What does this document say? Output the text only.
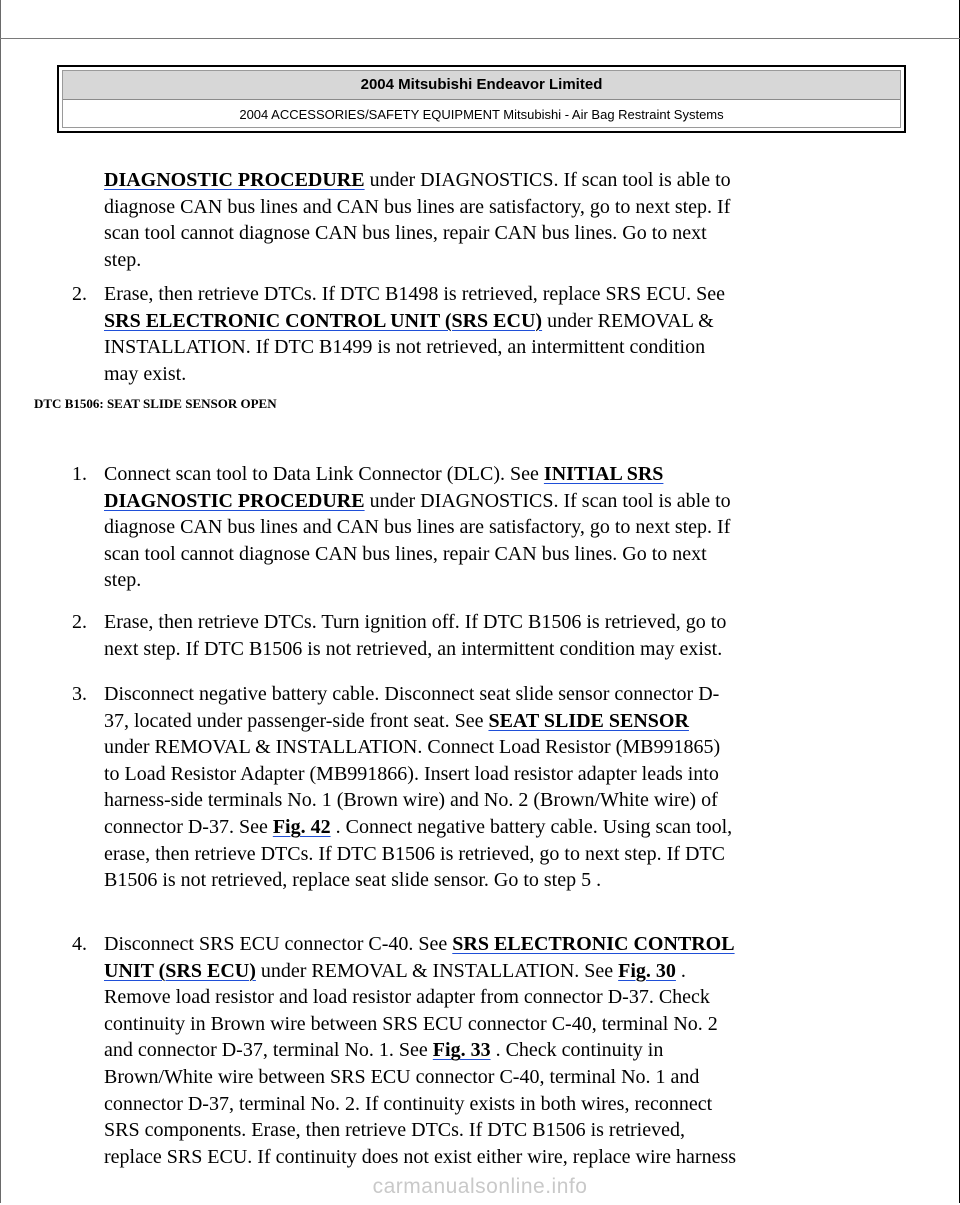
2004 Mitsubishi Endeavor Limited
2004 ACCESSORIES/SAFETY EQUIPMENT Mitsubishi - Air Bag Restraint Systems
DIAGNOSTIC PROCEDURE under DIAGNOSTICS. If scan tool is able to
diagnose CAN bus lines and CAN bus lines are satisfactory, go to next step. If
scan tool cannot diagnose CAN bus lines, repair CAN bus lines. Go to next
step.
2. Erase, then retrieve DTCs. If DTC B1498 is retrieved, replace SRS ECU. See
SRS ELECTRONIC CONTROL UNIT (SRS ECU) under REMOVAL &
INSTALLATION. If DTC B1499 is not retrieved, an intermittent condition
may exist.
DTC B1506: SEAT SLIDE SENSOR OPEN
1. Connect scan tool to Data Link Connector (DLC). See INITIAL SRS
DIAGNOSTIC PROCEDURE under DIAGNOSTICS. If scan tool is able to
diagnose CAN bus lines and CAN bus lines are satisfactory, go to next step. If
scan tool cannot diagnose CAN bus lines, repair CAN bus lines. Go to next
step.
2. Erase, then retrieve DTCs. Turn ignition off. If DTC B1506 is retrieved, go to
next step. If DTC B1506 is not retrieved, an intermittent condition may exist.
3. Disconnect negative battery cable. Disconnect seat slide sensor connector D-
37, located under passenger-side front seat. See SEAT SLIDE SENSOR
under REMOVAL & INSTALLATION. Connect Load Resistor (MB991865)
to Load Resistor Adapter (MB991866). Insert load resistor adapter leads into
harness-side terminals No. 1 (Brown wire) and No. 2 (Brown/White wire) of
connector D-37. See Fig. 42 . Connect negative battery cable. Using scan tool,
erase, then retrieve DTCs. If DTC B1506 is retrieved, go to next step. If DTC
B1506 is not retrieved, replace seat slide sensor. Go to step 5 .
4. Disconnect SRS ECU connector C-40. See SRS ELECTRONIC CONTROL
UNIT (SRS ECU) under REMOVAL & INSTALLATION. See Fig. 30 .
Remove load resistor and load resistor adapter from connector D-37. Check
continuity in Brown wire between SRS ECU connector C-40, terminal No. 2
and connector D-37, terminal No. 1. See Fig. 33 . Check continuity in
Brown/White wire between SRS ECU connector C-40, terminal No. 1 and
connector D-37, terminal No. 2. If continuity exists in both wires, reconnect
SRS components. Erase, then retrieve DTCs. If DTC B1506 is retrieved,
replace SRS ECU. If continuity does not exist either wire, replace wire harness
carmanualsonline.info
